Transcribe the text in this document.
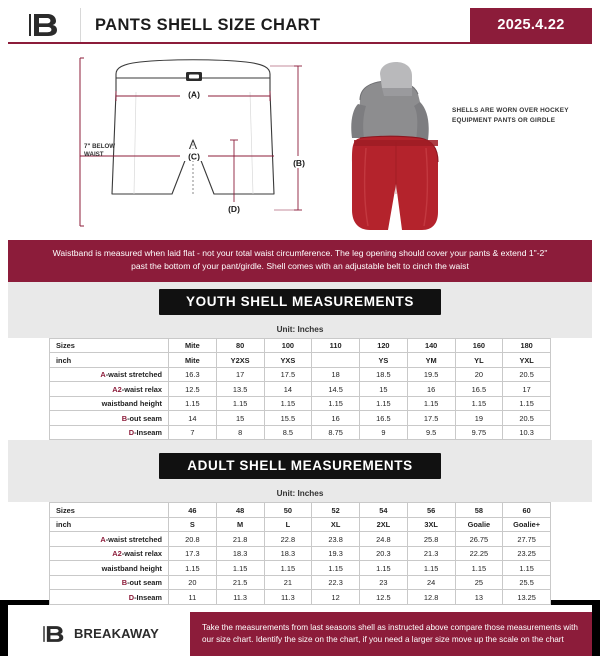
PANTS SHELL SIZE CHART	2025.4.22
(A)
(C)
(B)
(D)
7" BELOW
WAIST
SHELLS ARE WORN OVER HOCKEY EQUIPMENT PANTS OR GIRDLE
Waistband is measured when laid flat - not your total waist circumference. The leg opening should cover your pants & extend 1"-2" past the bottom of your pant/girdle. Shell comes with an adjustable belt to cinch the waist
YOUTH SHELL MEASUREMENTS
Unit: Inches
Sizes	Mite	80	100	110	120	140	160	180
inch	Mite	Y2XS	YXS		YS	YM	YL	YXL
A-waist stretched	16.3	17	17.5	18	18.5	19.5	20	20.5
A2-waist relax	12.5	13.5	14	14.5	15	16	16.5	17
waistband height	1.15	1.15	1.15	1.15	1.15	1.15	1.15	1.15
B-out seam	14	15	15.5	16	16.5	17.5	19	20.5
D-Inseam	7	8	8.5	8.75	9	9.5	9.75	10.3
ADULT SHELL MEASUREMENTS
Unit: Inches
Sizes	46	48	50	52	54	56	58	60
inch	S	M	L	XL	2XL	3XL	Goalie	Goalie+
A-waist stretched	20.8	21.8	22.8	23.8	24.8	25.8	26.75	27.75
A2-waist relax	17.3	18.3	18.3	19.3	20.3	21.3	22.25	23.25
waistband height	1.15	1.15	1.15	1.15	1.15	1.15	1.15	1.15
B-out seam	20	21.5	21	22.3	23	24	25	25.5
D-Inseam	11	11.3	11.3	12	12.5	12.8	13	13.25
BREAKAWAY	Take the measurements from last seasons shell as instructed above compare those measurements with our size chart. Identify the size on the chart, if you need a larger size move up the scale on the chart
